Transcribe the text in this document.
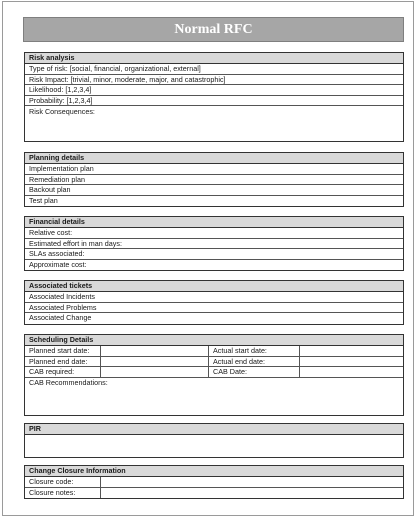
Normal RFC
Risk analysis
Type of risk: [social, financial, organizational, external]
Risk Impact: [trivial, minor, moderate, major, and catastrophic]
Likelihood: [1,2,3,4]
Probability: [1,2,3,4]
Risk Consequences:
Planning details
Implementation plan
Remediation plan
Backout plan
Test plan
Financial details
Relative cost:
Estimated effort in man days:
SLAs associated:
Approximate cost:
Associated tickets
Associated Incidents
Associated Problems
Associated Change
Scheduling Details
Planned start date:	Actual start date:
Planned end date:	Actual end date:
CAB required:	CAB Date:
CAB Recommendations:
PIR
Change Closure Information
Closure code:
Closure notes:
